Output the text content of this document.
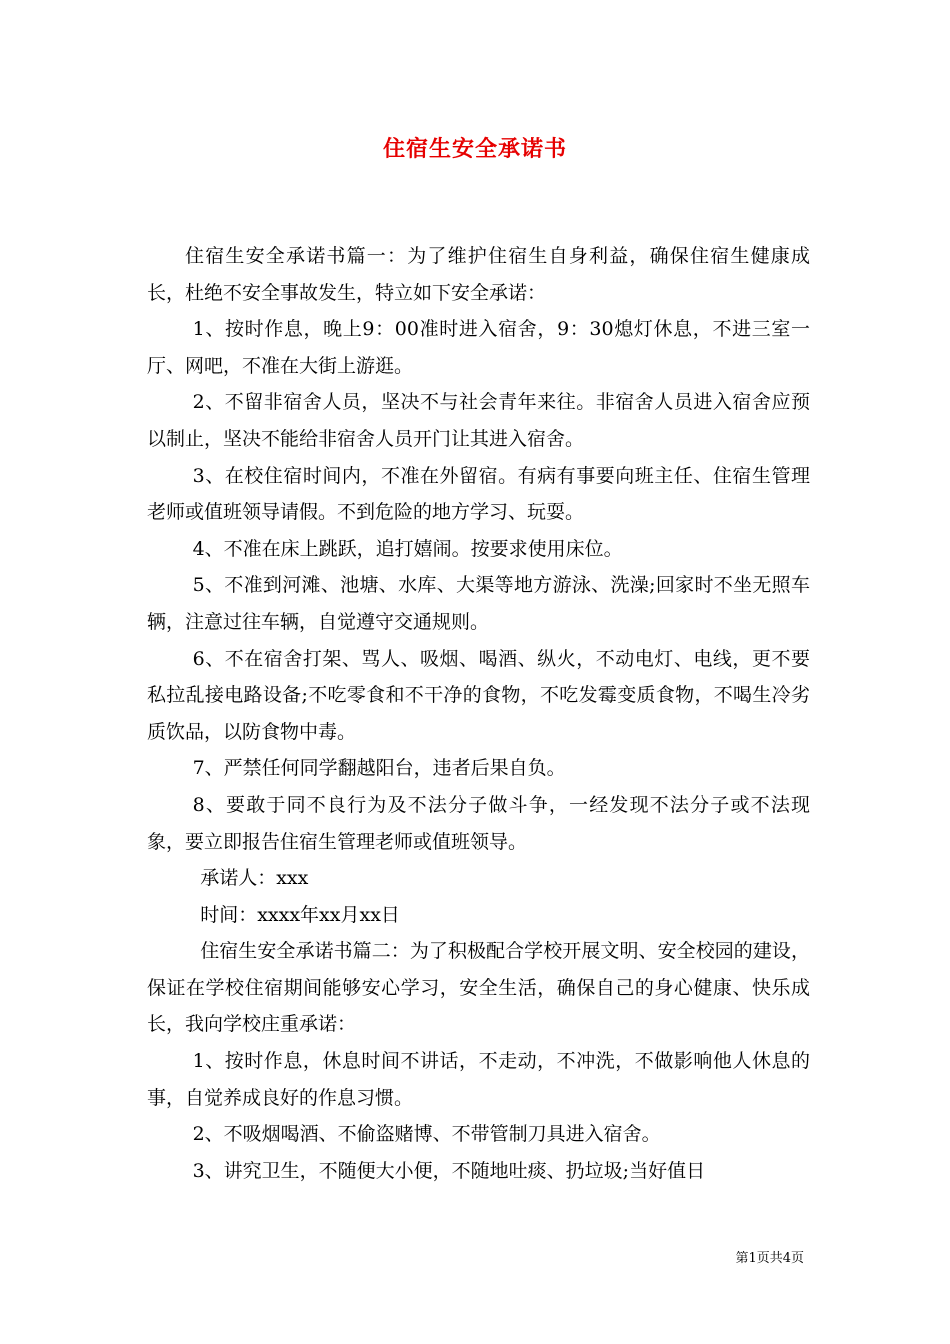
住宿生安全承诺书

住宿生安全承诺书篇一：为了维护住宿生自身利益，确保住宿生健康成长，杜绝不安全事故发生，特立如下安全承诺：

1、按时作息，晚上9：00准时进入宿舍，9：30熄灯休息，不进三室一厅、网吧，不准在大街上游逛。

2、不留非宿舍人员，坚决不与社会青年来往。非宿舍人员进入宿舍应预以制止，坚决不能给非宿舍人员开门让其进入宿舍。

3、在校住宿时间内，不准在外留宿。有病有事要向班主任、住宿生管理老师或值班领导请假。不到危险的地方学习、玩耍。

4、不准在床上跳跃，追打嬉闹。按要求使用床位。

5、不准到河滩、池塘、水库、大渠等地方游泳、洗澡;回家时不坐无照车辆，注意过往车辆，自觉遵守交通规则。

6、不在宿舍打架、骂人、吸烟、喝酒、纵火，不动电灯、电线，更不要私拉乱接电路设备;不吃零食和不干净的食物，不吃发霉变质食物，不喝生冷劣质饮品，以防食物中毒。

7、严禁任何同学翻越阳台，违者后果自负。

8、要敢于同不良行为及不法分子做斗争，一经发现不法分子或不法现象，要立即报告住宿生管理老师或值班领导。

承诺人：xxx

时间：xxxx年xx月xx日

住宿生安全承诺书篇二：为了积极配合学校开展文明、安全校园的建设，保证在学校住宿期间能够安心学习，安全生活，确保自己的身心健康、快乐成长，我向学校庄重承诺：

1、按时作息，休息时间不讲话，不走动，不冲洗，不做影响他人休息的事，自觉养成良好的作息习惯。

2、不吸烟喝酒、不偷盗赌博、不带管制刀具进入宿舍。

3、讲究卫生，不随便大小便，不随地吐痰、扔垃圾;当好值日

第1页共4页
